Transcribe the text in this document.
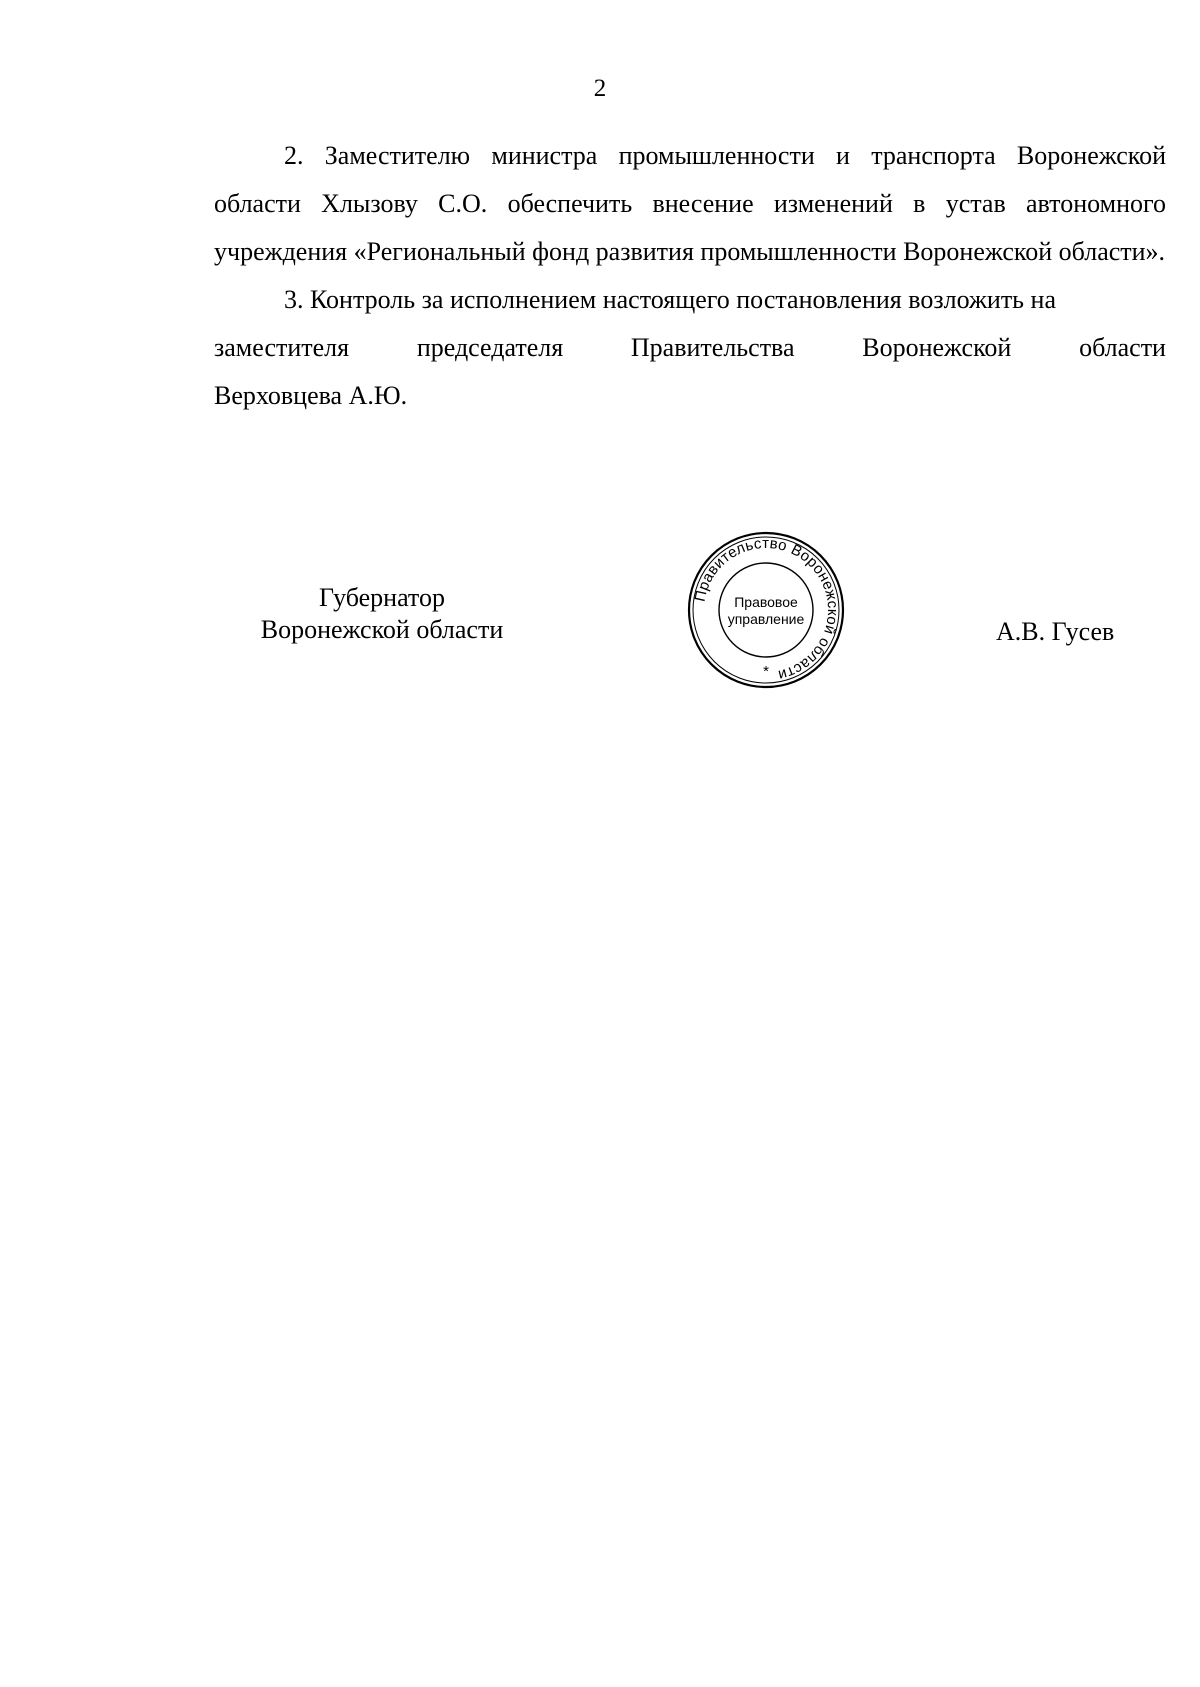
2

2. Заместителю министра промышленности и транспорта Воронежской области Хлызову С.О. обеспечить внесение изменений в устав автономного учреждения «Региональный фонд развития промышленности Воронежской области».

3. Контроль за исполнением настоящего постановления возложить на

заместителя	председателя	Правительства	Воронежской	области
Верховцева А.Ю.
Губернатор
Воронежской области
Правительство Воронежской области
Правовое
управление
*
А.В. Гусев
